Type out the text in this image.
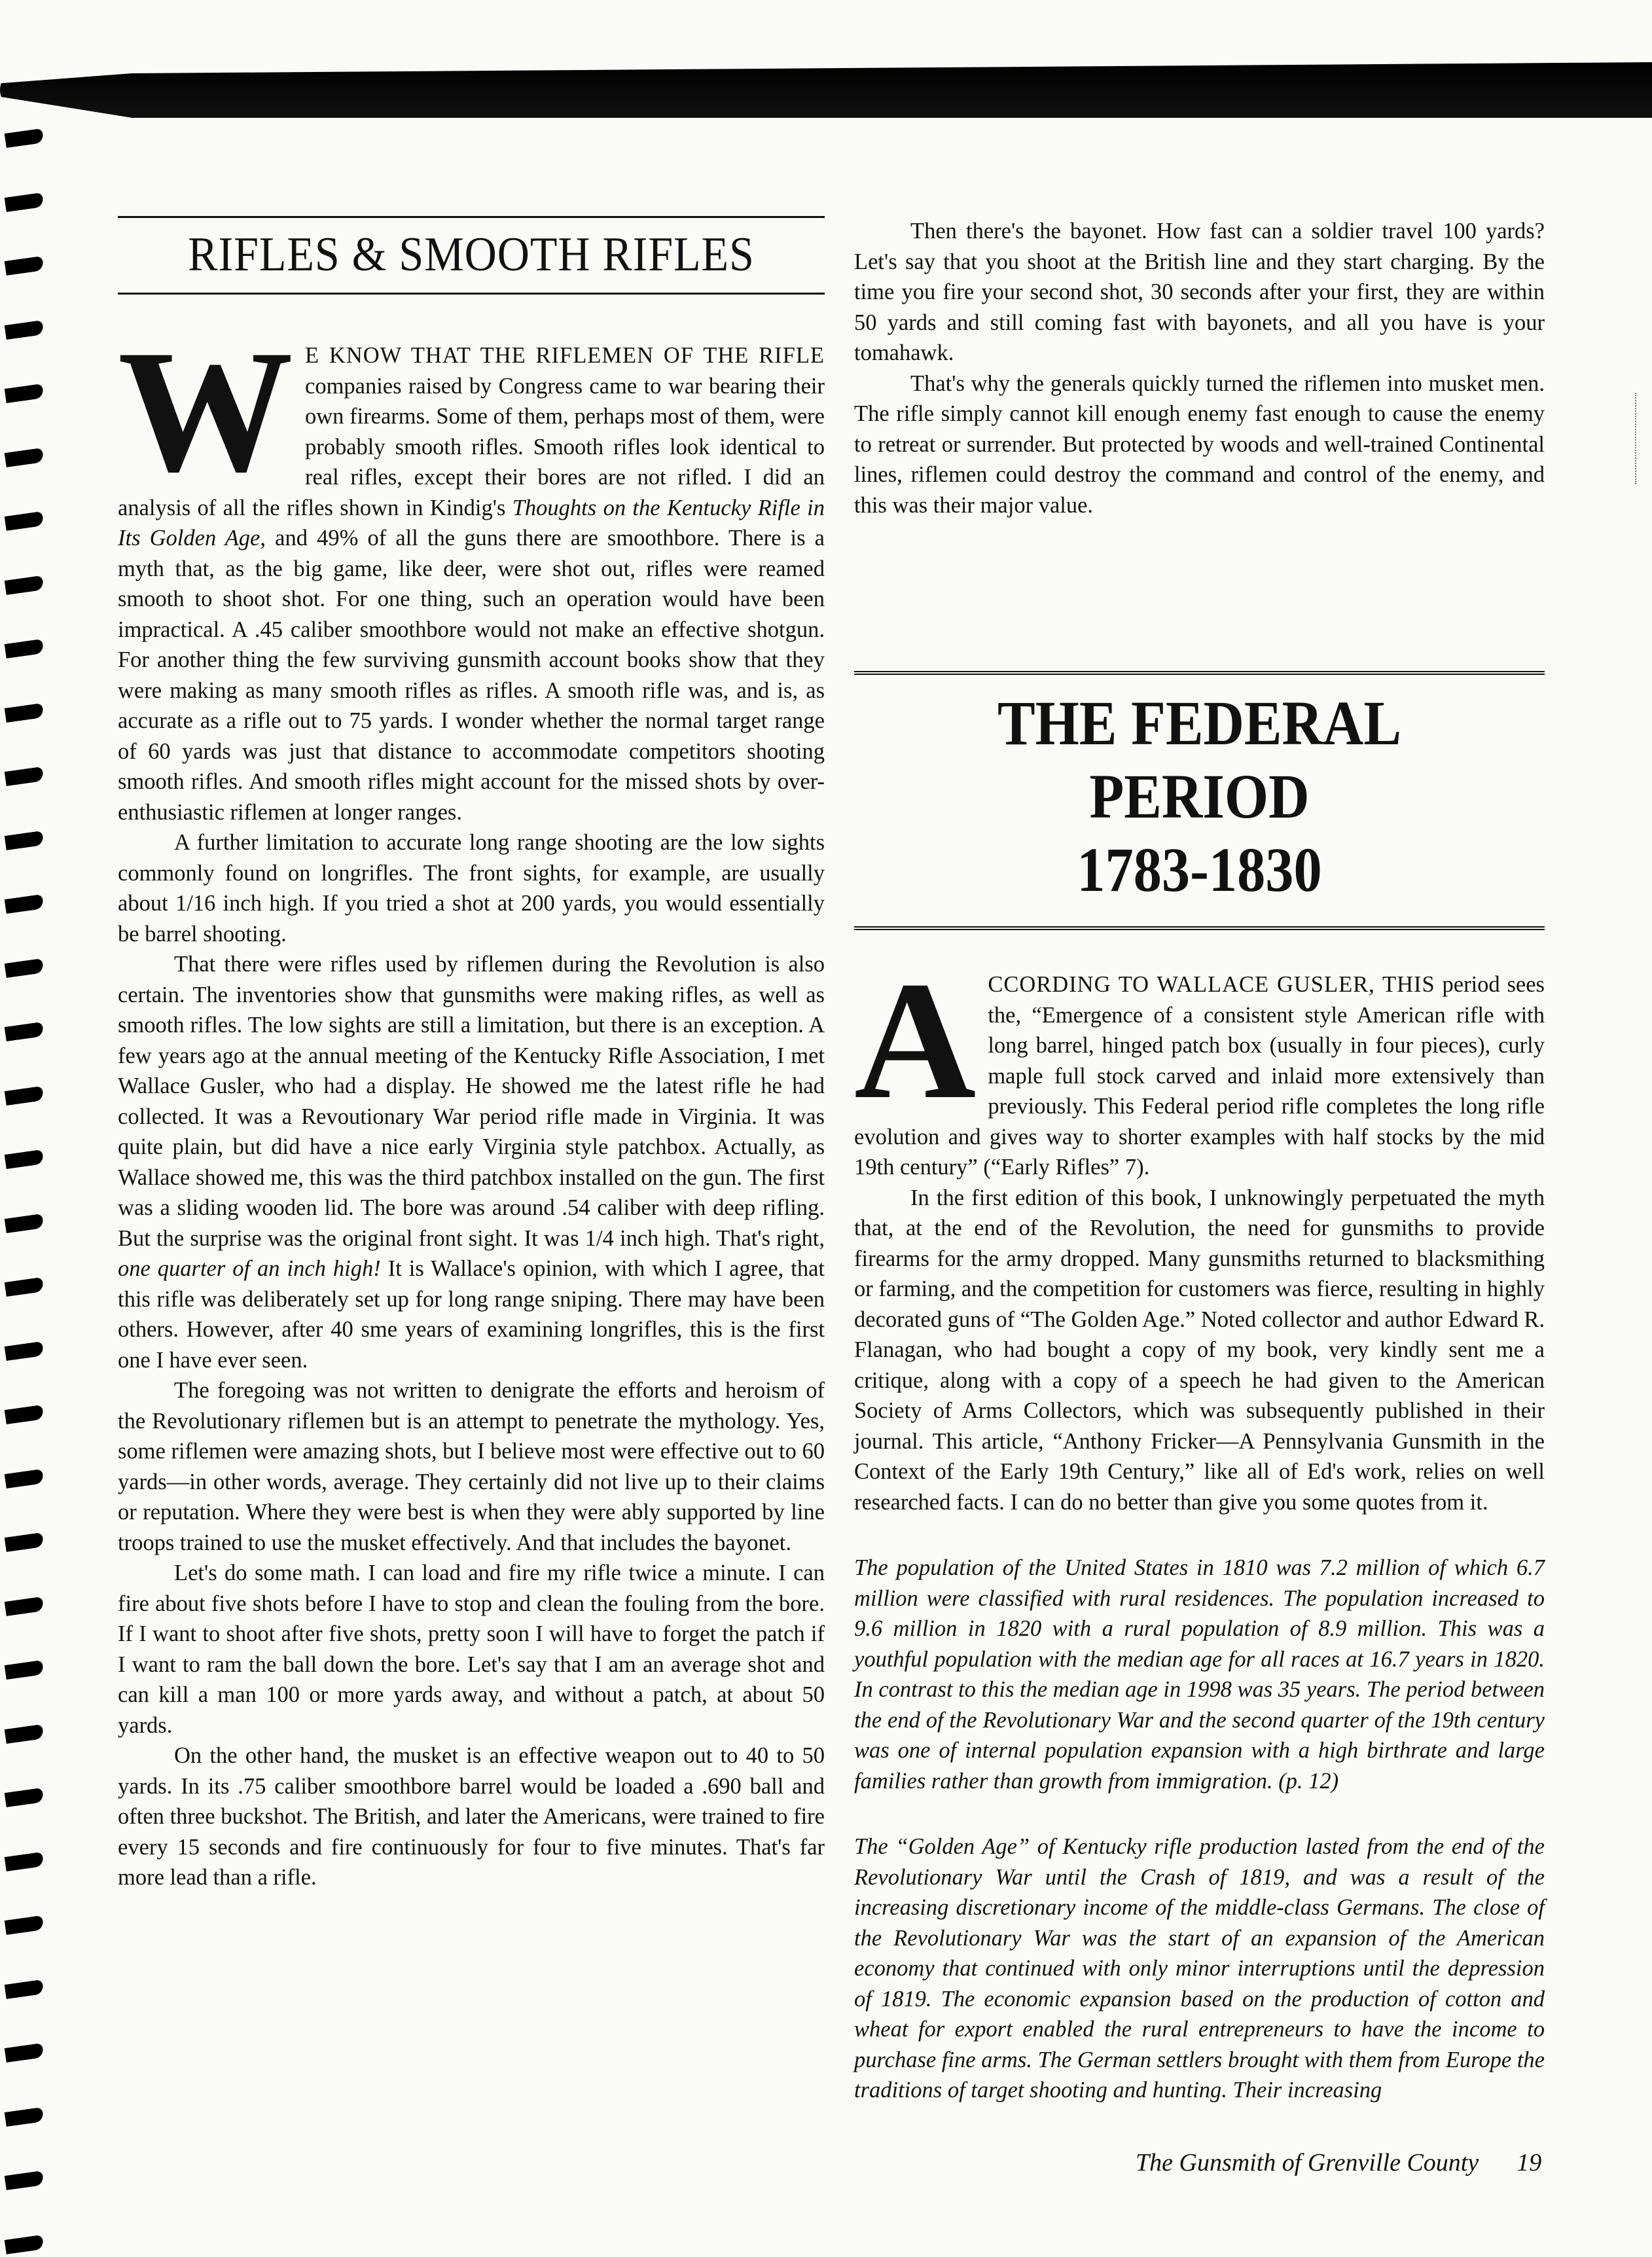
RIFLES & SMOOTH RIFLES

WE KNOW THAT THE RIFLEMEN OF THE RIFLE companies raised by Congress came to war bearing their own firearms. Some of them, perhaps most of them, were probably smooth rifles. Smooth rifles look identical to real rifles, except their bores are not rifled. I did an analysis of all the rifles shown in Kindig's Thoughts on the Kentucky Rifle in Its Golden Age, and 49% of all the guns there are smoothbore. There is a myth that, as the big game, like deer, were shot out, rifles were reamed smooth to shoot shot. For one thing, such an operation would have been impractical. A .45 caliber smoothbore would not make an effective shotgun. For another thing the few surviving gunsmith account books show that they were making as many smooth rifles as rifles. A smooth rifle was, and is, as accurate as a rifle out to 75 yards. I wonder whether the normal target range of 60 yards was just that distance to accommodate competitors shooting smooth rifles. And smooth rifles might account for the missed shots by over-enthusiastic riflemen at longer ranges.

A further limitation to accurate long range shooting are the low sights commonly found on longrifles. The front sights, for example, are usually about 1/16 inch high. If you tried a shot at 200 yards, you would essentially be barrel shooting.

That there were rifles used by riflemen during the Revolution is also certain. The inventories show that gunsmiths were making rifles, as well as smooth rifles. The low sights are still a limitation, but there is an exception. A few years ago at the annual meeting of the Kentucky Rifle Association, I met Wallace Gusler, who had a display. He showed me the latest rifle he had collected. It was a Revoutionary War period rifle made in Virginia. It was quite plain, but did have a nice early Virginia style patchbox. Actually, as Wallace showed me, this was the third patchbox installed on the gun. The first was a sliding wooden lid. The bore was around .54 caliber with deep rifling. But the surprise was the original front sight. It was 1/4 inch high. That's right, one quarter of an inch high! It is Wallace's opinion, with which I agree, that this rifle was deliberately set up for long range sniping. There may have been others. However, after 40 sme years of examining longrifles, this is the first one I have ever seen.

The foregoing was not written to denigrate the efforts and heroism of the Revolutionary riflemen but is an attempt to penetrate the mythology. Yes, some riflemen were amazing shots, but I believe most were effective out to 60 yards—in other words, average. They certainly did not live up to their claims or reputation. Where they were best is when they were ably supported by line troops trained to use the musket effectively. And that includes the bayonet.

Let's do some math. I can load and fire my rifle twice a minute. I can fire about five shots before I have to stop and clean the fouling from the bore. If I want to shoot after five shots, pretty soon I will have to forget the patch if I want to ram the ball down the bore. Let's say that I am an average shot and can kill a man 100 or more yards away, and without a patch, at about 50 yards.

On the other hand, the musket is an effective weapon out to 40 to 50 yards. In its .75 caliber smoothbore barrel would be loaded a .690 ball and often three buckshot. The British, and later the Americans, were trained to fire every 15 seconds and fire continuously for four to five minutes. That's far more lead than a rifle.

Then there's the bayonet. How fast can a soldier travel 100 yards? Let's say that you shoot at the British line and they start charging. By the time you fire your second shot, 30 seconds after your first, they are within 50 yards and still coming fast with bayonets, and all you have is your tomahawk.

That's why the generals quickly turned the riflemen into musket men. The rifle simply cannot kill enough enemy fast enough to cause the enemy to retreat or surrender. But protected by woods and well-trained Continental lines, riflemen could destroy the command and control of the enemy, and this was their major value.

THE FEDERAL PERIOD
1783-1830

ACCORDING TO WALLACE GUSLER, THIS period sees the, “Emergence of a consistent style American rifle with long barrel, hinged patch box (usually in four pieces), curly maple full stock carved and inlaid more extensively than previously. This Federal period rifle completes the long rifle evolution and gives way to shorter examples with half stocks by the mid 19th century” (“Early Rifles” 7).

In the first edition of this book, I unknowingly perpetuated the myth that, at the end of the Revolution, the need for gunsmiths to provide firearms for the army dropped. Many gunsmiths returned to blacksmithing or farming, and the competition for customers was fierce, resulting in highly decorated guns of “The Golden Age.” Noted collector and author Edward R. Flanagan, who had bought a copy of my book, very kindly sent me a critique, along with a copy of a speech he had given to the American Society of Arms Collectors, which was subsequently published in their journal. This article, “Anthony Fricker—A Pennsylvania Gunsmith in the Context of the Early 19th Century,” like all of Ed's work, relies on well researched facts. I can do no better than give you some quotes from it.

The population of the United States in 1810 was 7.2 million of which 6.7 million were classified with rural residences. The population increased to 9.6 million in 1820 with a rural population of 8.9 million. This was a youthful population with the median age for all races at 16.7 years in 1820. In contrast to this the median age in 1998 was 35 years. The period between the end of the Revolutionary War and the second quarter of the 19th century was one of internal population expansion with a high birthrate and large families rather than growth from immigration. (p. 12)

The “Golden Age” of Kentucky rifle production lasted from the end of the Revolutionary War until the Crash of 1819, and was a result of the increasing discretionary income of the middle-class Germans. The close of the Revolutionary War was the start of an expansion of the American economy that continued with only minor interruptions until the depression of 1819. The economic expansion based on the production of cotton and wheat for export enabled the rural entrepreneurs to have the income to purchase fine arms. The German settlers brought with them from Europe the traditions of target shooting and hunting. Their increasing

The Gunsmith of Grenville County 19
